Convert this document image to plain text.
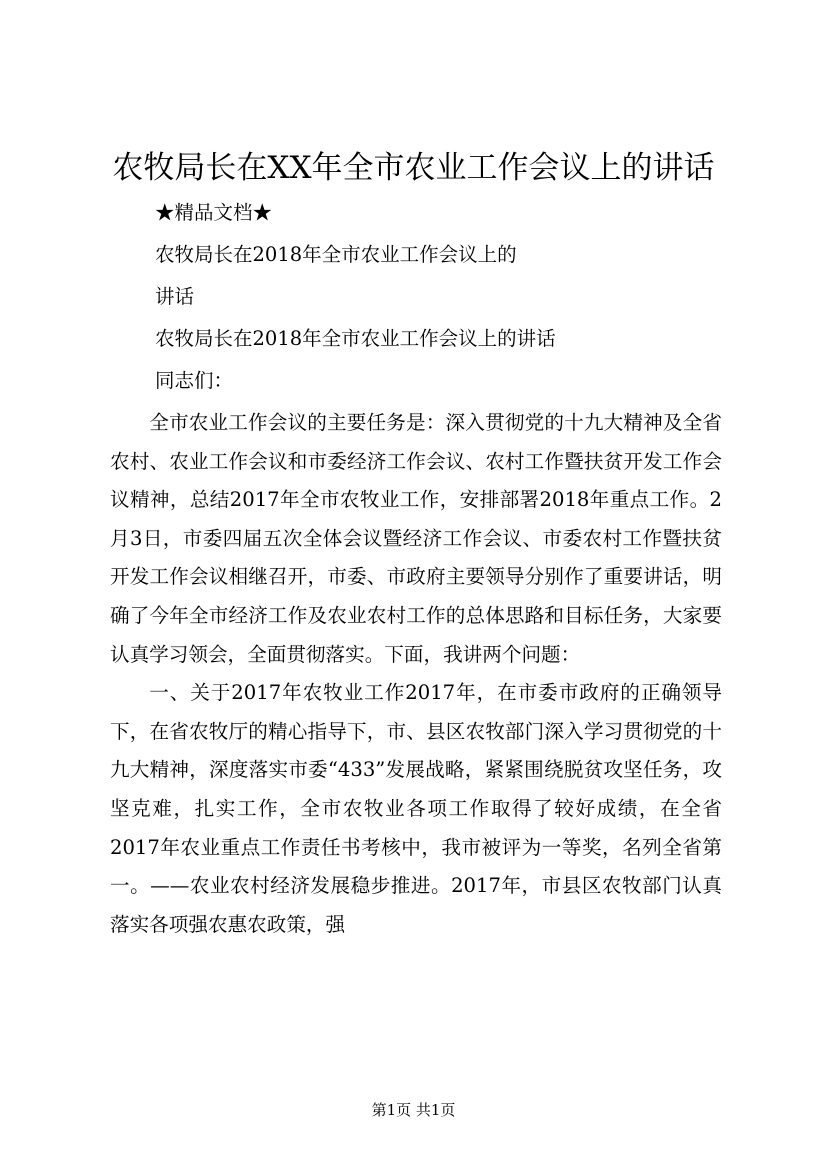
农牧局长在XX年全市农业工作会议上的讲话
★精品文档★
农牧局长在2018年全市农业工作会议上的
讲话
农牧局长在2018年全市农业工作会议上的讲话
同志们：

全市农业工作会议的主要任务是：深入贯彻党的十九大精神及全省农村、农业工作会议和市委经济工作会议、农村工作暨扶贫开发工作会议精神，总结2017年全市农牧业工作，安排部署2018年重点工作。2月3日，市委四届五次全体会议暨经济工作会议、市委农村工作暨扶贫开发工作会议相继召开，市委、市政府主要领导分别作了重要讲话，明确了今年全市经济工作及农业农村工作的总体思路和目标任务，大家要认真学习领会，全面贯彻落实。下面，我讲两个问题：

一、关于2017年农牧业工作2017年，在市委市政府的正确领导下，在省农牧厅的精心指导下，市、县区农牧部门深入学习贯彻党的十九大精神，深度落实市委“433”发展战略，紧紧围绕脱贫攻坚任务，攻坚克难，扎实工作，全市农牧业各项工作取得了较好成绩，在全省2017年农业重点工作责任书考核中，我市被评为一等奖，名列全省第一。——农业农村经济发展稳步推进。2017年，市县区农牧部门认真落实各项强农惠农政策，强

第1页 共1页
